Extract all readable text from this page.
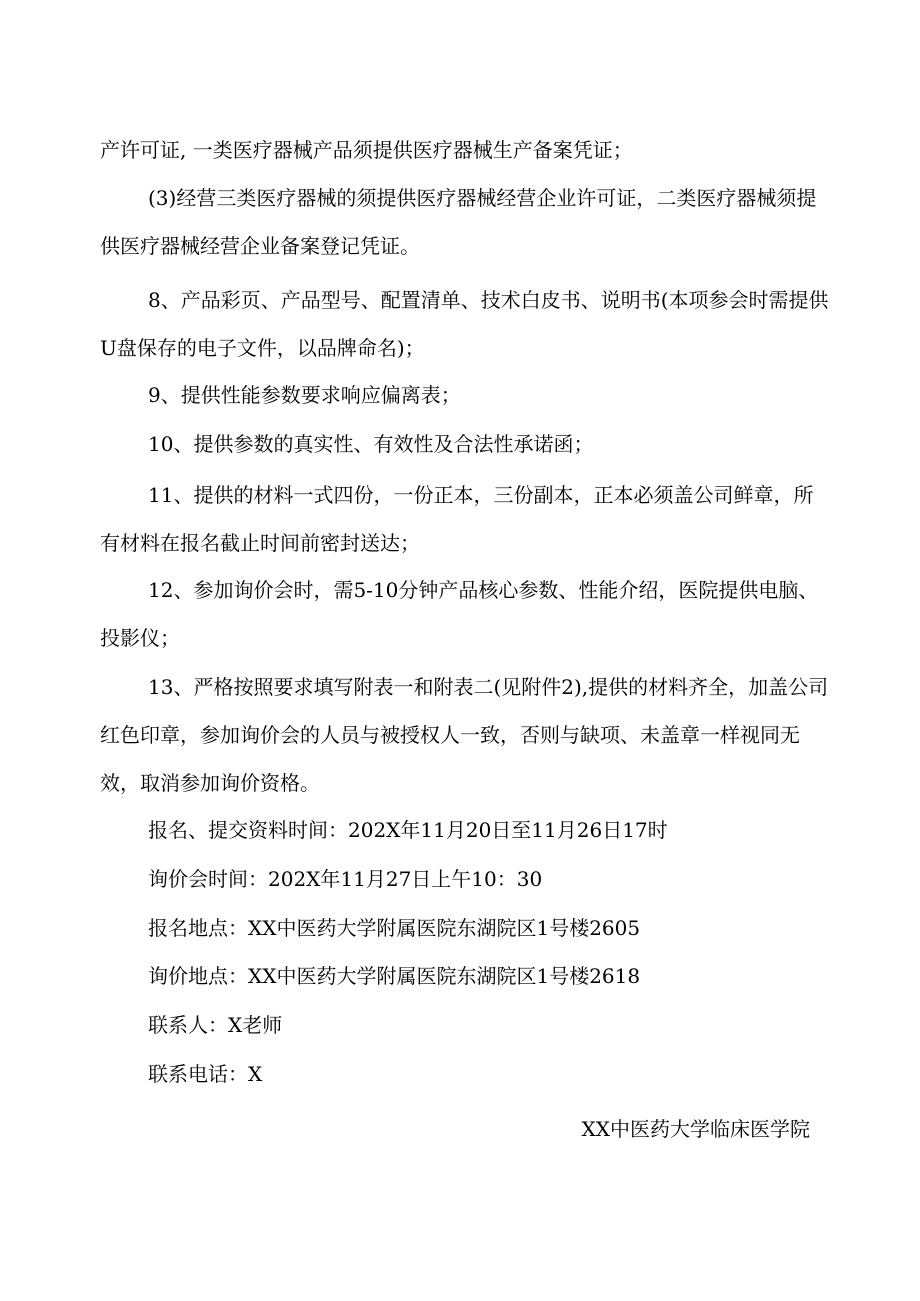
产许可证, 一类医疗器械产品须提供医疗器械生产备案凭证；

(3)经营三类医疗器械的须提供医疗器械经营企业许可证，二类医疗器械须提供医疗器械经营企业备案登记凭证。

8、产品彩页、产品型号、配置清单、技术白皮书、说明书(本项参会时需提供U盘保存的电子文件，以品牌命名)；

9、提供性能参数要求响应偏离表；

10、提供参数的真实性、有效性及合法性承诺函；

11、提供的材料一式四份，一份正本，三份副本，正本必须盖公司鲜章，所有材料在报名截止时间前密封送达；

12、参加询价会时，需5-10分钟产品核心参数、性能介绍，医院提供电脑、投影仪；

13、严格按照要求填写附表一和附表二(见附件2),提供的材料齐全，加盖公司红色印章，参加询价会的人员与被授权人一致，否则与缺项、未盖章一样视同无效，取消参加询价资格。

报名、提交资料时间：202X年11月20日至11月26日17时

询价会时间：202X年11月27日上午10：30

报名地点：XX中医药大学附属医院东湖院区1号楼2605

询价地点：XX中医药大学附属医院东湖院区1号楼2618

联系人：X老师

联系电话：X

XX中医药大学临床医学院
